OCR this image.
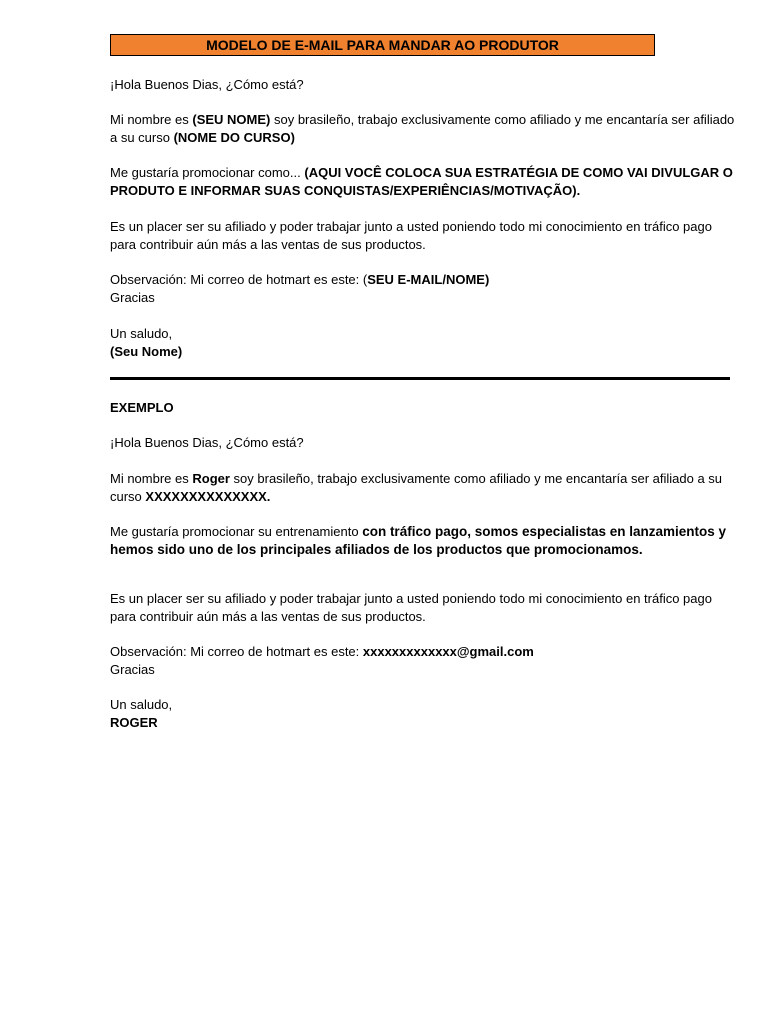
MODELO DE E-MAIL PARA MANDAR AO PRODUTOR
¡Hola Buenos Dias, ¿Cómo está?
Mi nombre es (SEU NOME) soy brasileño, trabajo exclusivamente como afiliado y me encantaría ser afiliado a su curso (NOME DO CURSO)
Me gustaría promocionar como... (AQUI VOCÊ COLOCA SUA ESTRATÉGIA DE COMO VAI DIVULGAR O PRODUTO E INFORMAR SUAS CONQUISTAS/EXPERIÊNCIAS/MOTIVAÇÃO).
Es un placer ser su afiliado y poder trabajar junto a usted poniendo todo mi conocimiento en tráfico pago para contribuir aún más a las ventas de sus productos.
Observación: Mi correo de hotmart es este: (SEU E-MAIL/NOME)
Gracias
Un saludo,
(Seu Nome)
EXEMPLO
¡Hola Buenos Dias, ¿Cómo está?
Mi nombre es Roger soy brasileño, trabajo exclusivamente como afiliado y me encantaría ser afiliado a su curso XXXXXXXXXXXXXX.
Me gustaría promocionar su entrenamiento con tráfico pago, somos especialistas en lanzamientos y hemos sido uno de los principales afiliados de los productos que promocionamos.
Es un placer ser su afiliado y poder trabajar junto a usted poniendo todo mi conocimiento en tráfico pago para contribuir aún más a las ventas de sus productos.
Observación: Mi correo de hotmart es este: xxxxxxxxxxxxx@gmail.com
Gracias
Un saludo,
ROGER
